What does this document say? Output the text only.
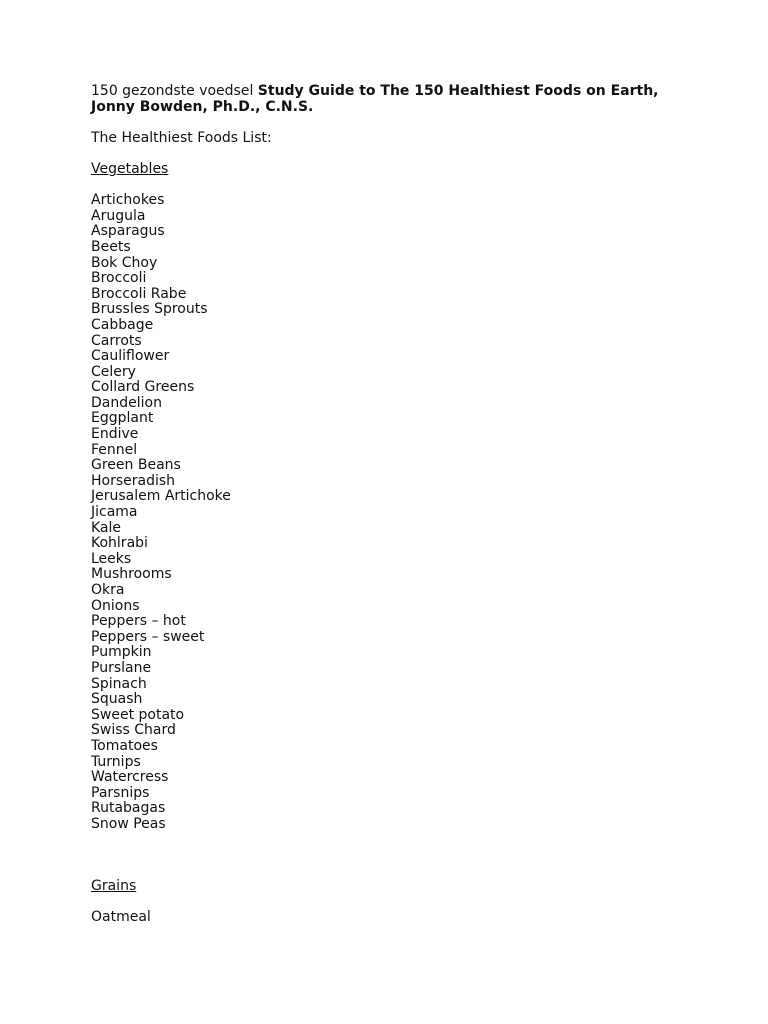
150 gezondste voedsel Study Guide to The 150 Healthiest Foods on Earth, Jonny Bowden, Ph.D., C.N.S.

The Healthiest Foods List:

Vegetables

Artichokes
Arugula
Asparagus
Beets
Bok Choy
Broccoli
Broccoli Rabe
Brussles Sprouts
Cabbage
Carrots
Cauliflower
Celery
Collard Greens
Dandelion
Eggplant
Endive
Fennel
Green Beans
Horseradish
Jerusalem Artichoke
Jicama
Kale
Kohlrabi
Leeks
Mushrooms
Okra
Onions
Peppers – hot
Peppers – sweet
Pumpkin
Purslane
Spinach
Squash
Sweet potato
Swiss Chard
Tomatoes
Turnips
Watercress
Parsnips
Rutabagas
Snow Peas

Grains

Oatmeal
